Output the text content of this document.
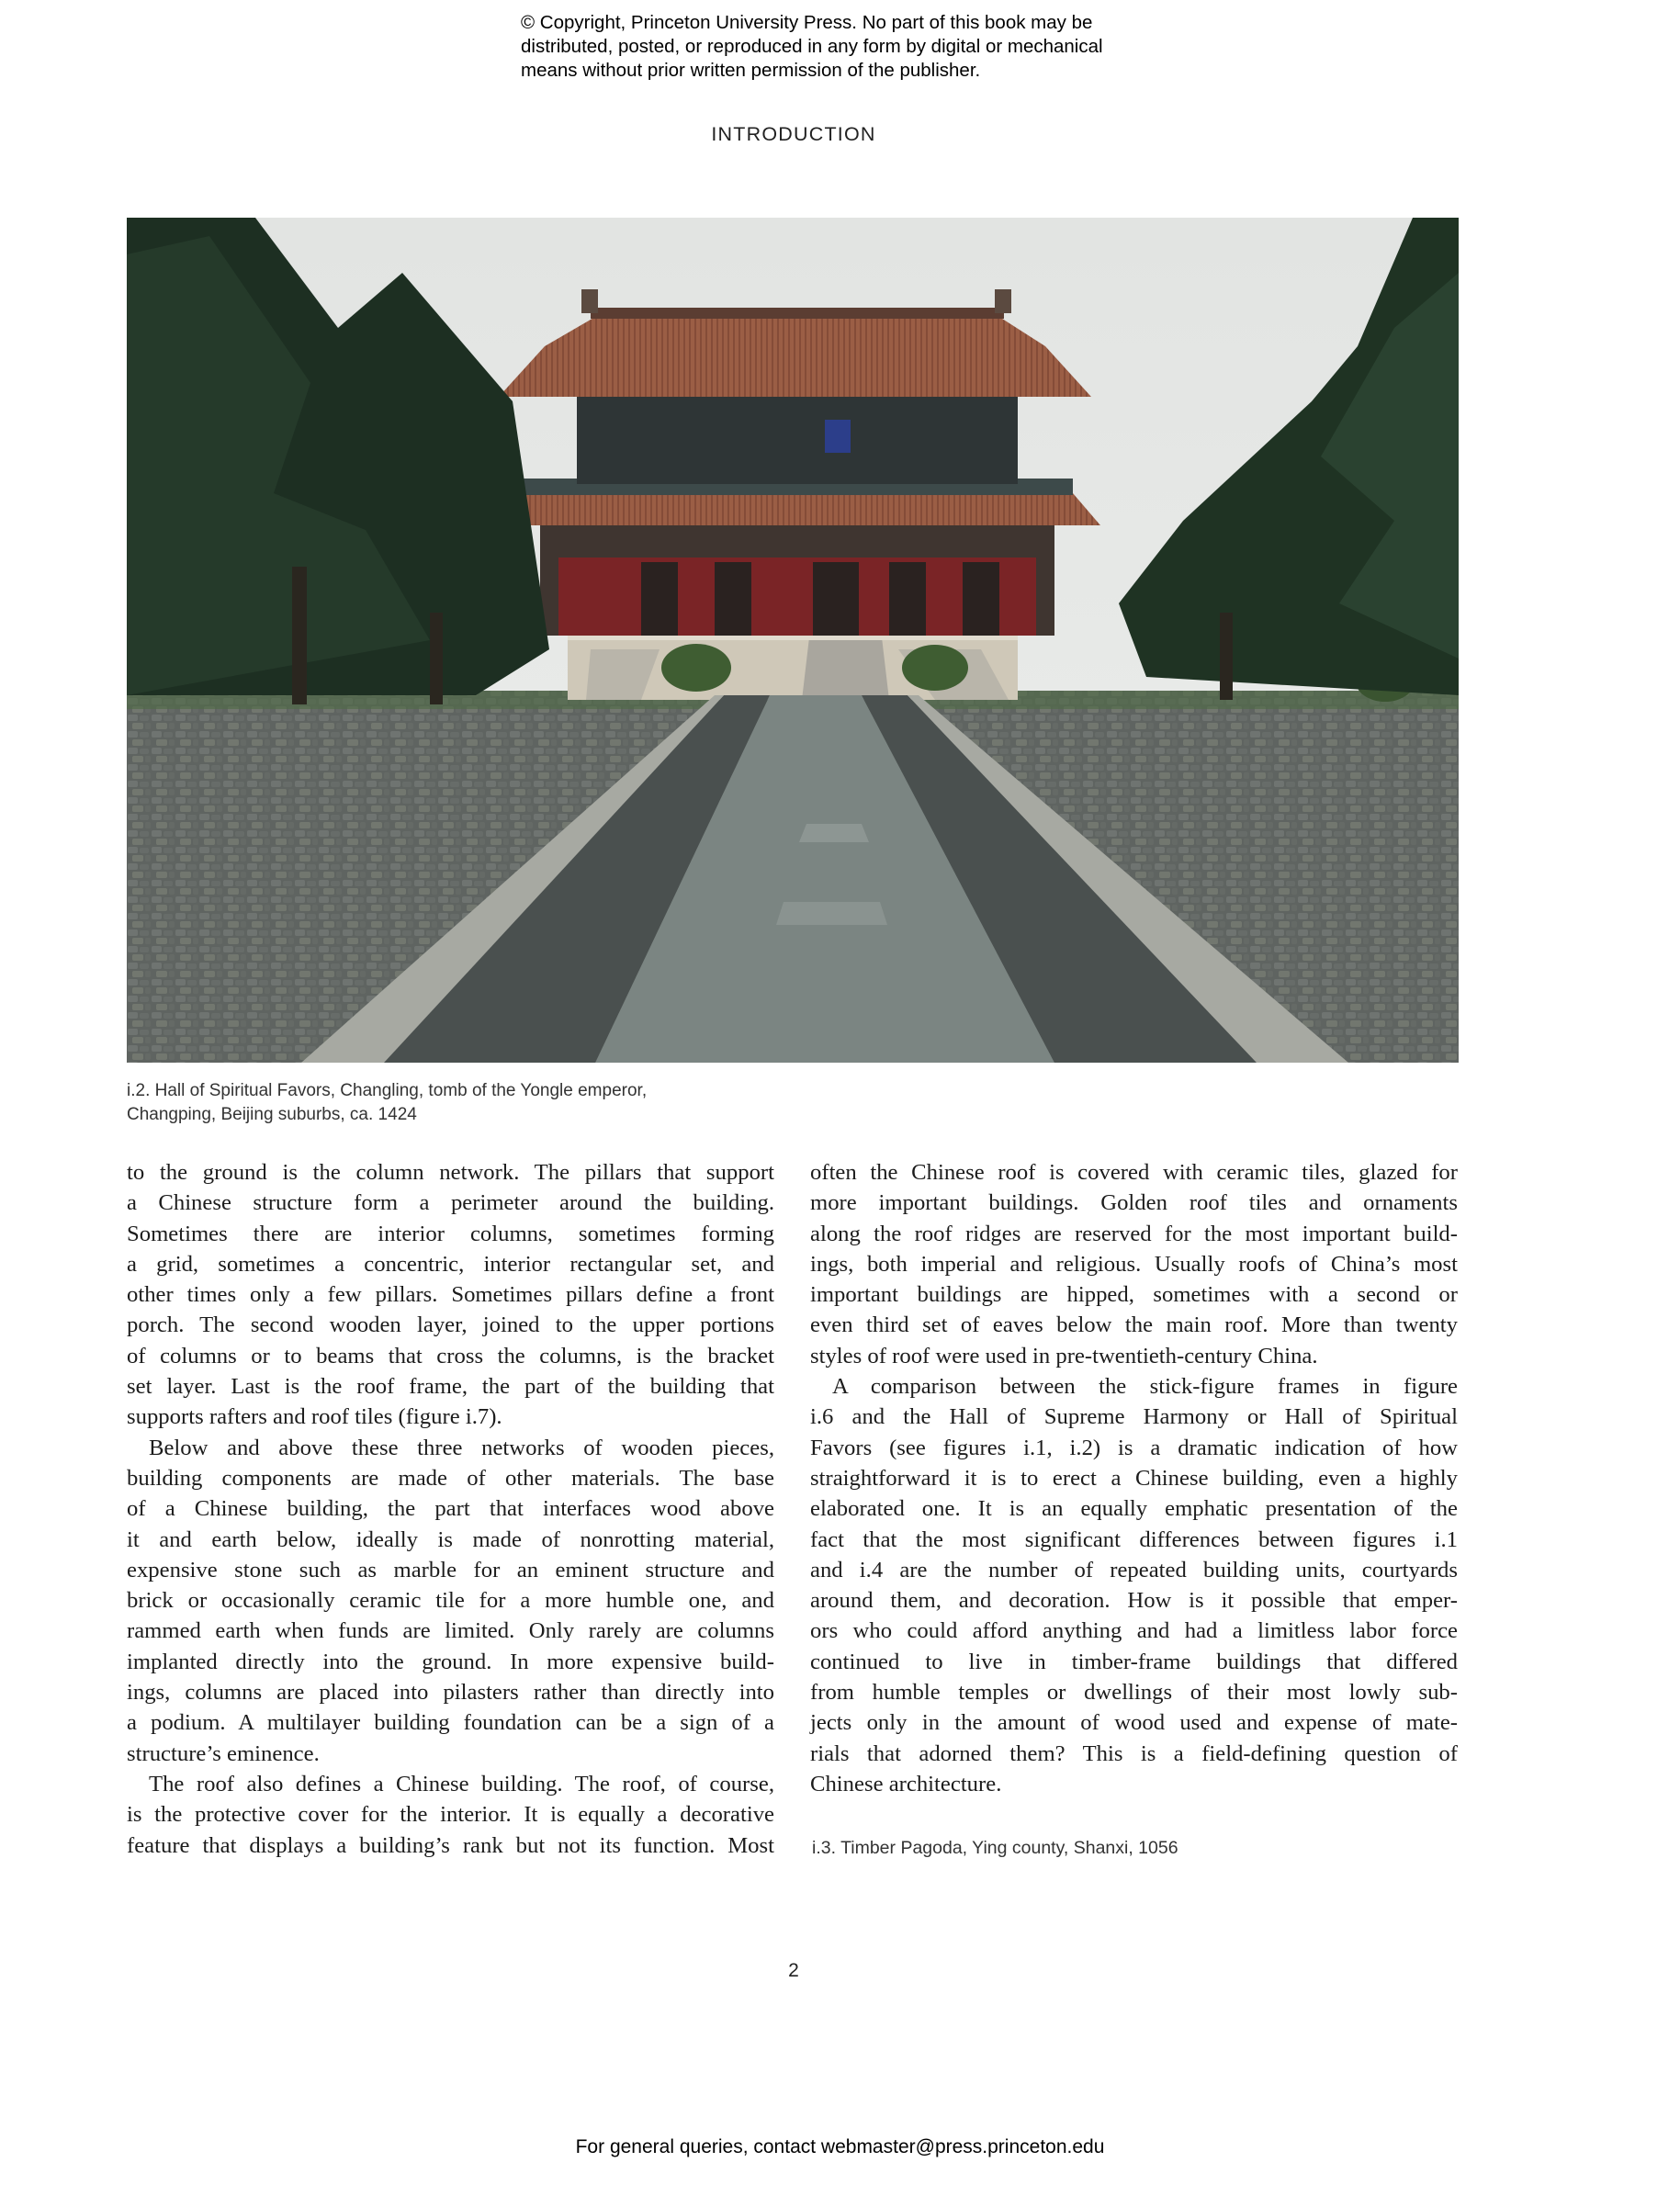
© Copyright, Princeton University Press. No part of this book may be
distributed, posted, or reproduced in any form by digital or mechanical
means without prior written permission of the publisher.
INTRODUCTION
i.2. Hall of Spiritual Favors, Changling, tomb of the Yongle emperor,
Changping, Beijing suburbs, ca. 1424
to the ground is the column network. The pillars that support
a Chinese structure form a perimeter around the building.
Sometimes there are interior columns, sometimes forming
a grid, sometimes a concentric, interior rectangular set, and
other times only a few pillars. Sometimes pillars define a front
porch. The second wooden layer, joined to the upper portions
of columns or to beams that cross the columns, is the bracket
set layer. Last is the roof frame, the part of the building that
supports rafters and roof tiles (figure i.7).
Below and above these three networks of wooden pieces,
building components are made of other materials. The base
of a Chinese building, the part that interfaces wood above
it and earth below, ideally is made of nonrotting material,
expensive stone such as marble for an eminent structure and
brick or occasionally ceramic tile for a more humble one, and
rammed earth when funds are limited. Only rarely are columns
implanted directly into the ground. In more expensive build-
ings, columns are placed into pilasters rather than directly into
a podium. A multilayer building foundation can be a sign of a
structure’s eminence.
The roof also defines a Chinese building. The roof, of course,
is the protective cover for the interior. It is equally a decorative
feature that displays a building’s rank but not its function. Most
often the Chinese roof is covered with ceramic tiles, glazed for
more important buildings. Golden roof tiles and ornaments
along the roof ridges are reserved for the most important build-
ings, both imperial and religious. Usually roofs of China’s most
important buildings are hipped, sometimes with a second or
even third set of eaves below the main roof. More than twenty
styles of roof were used in pre-twentieth-century China.
A comparison between the stick-figure frames in figure
i.6 and the Hall of Supreme Harmony or Hall of Spiritual
Favors (see figures i.1, i.2) is a dramatic indication of how
straightforward it is to erect a Chinese building, even a highly
elaborated one. It is an equally emphatic presentation of the
fact that the most significant differences between figures i.1
and i.4 are the number of repeated building units, courtyards
around them, and decoration. How is it possible that emper-
ors who could afford anything and had a limitless labor force
continued to live in timber-frame buildings that differed
from humble temples or dwellings of their most lowly sub-
jects only in the amount of wood used and expense of mate-
rials that adorned them? This is a field-defining question of
Chinese architecture.
i.3. Timber Pagoda, Ying county, Shanxi, 1056
2
For general queries, contact webmaster@press.princeton.edu
